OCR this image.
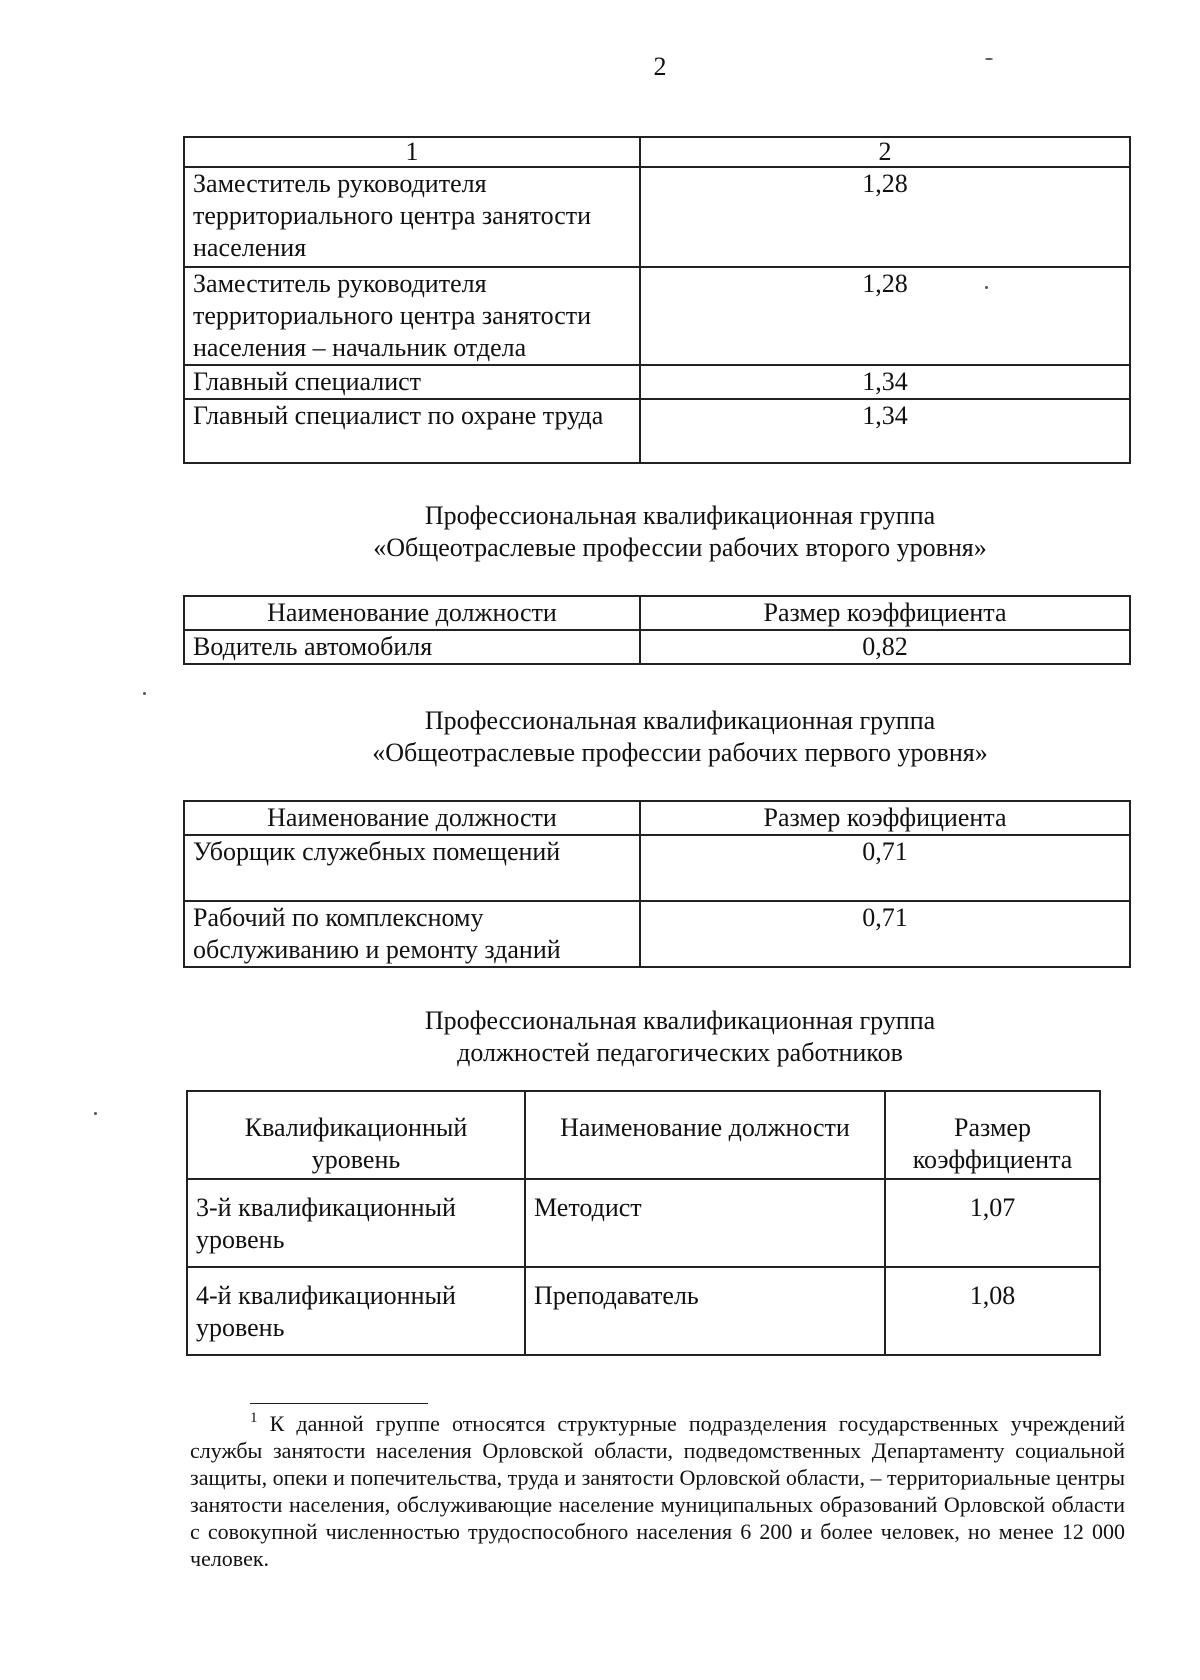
2
1	2
Заместитель руководителя территориального центра занятости населения	1,28
Заместитель руководителя территориального центра занятости населения – начальник отдела	1,28
Главный специалист	1,34
Главный специалист по охране труда	1,34
Профессиональная квалификационная группа
«Общеотраслевые профессии рабочих второго уровня»
Наименование должности	Размер коэффициента
Водитель автомобиля	0,82
Профессиональная квалификационная группа
«Общеотраслевые профессии рабочих первого уровня»
Наименование должности	Размер коэффициента
Уборщик служебных помещений	0,71
Рабочий по комплексному обслуживанию и ремонту зданий	0,71
Профессиональная квалификационная группа
должностей педагогических работников
Квалификационный уровень	Наименование должности	Размер коэффициента
3-й квалификационный уровень	Методист	1,07
4-й квалификационный уровень	Преподаватель	1,08
$^1$ К данной группе относятся структурные подразделения государственных учреждений службы занятости населения Орловской области, подведомственных Департаменту социальной защиты, опеки и попечительства, труда и занятости Орловской области, – территориальные центры занятости населения, обслуживающие население муниципальных образований Орловской области с совокупной численностью трудоспособного населения 6 200 и более человек, но менее 12 000 человек.
